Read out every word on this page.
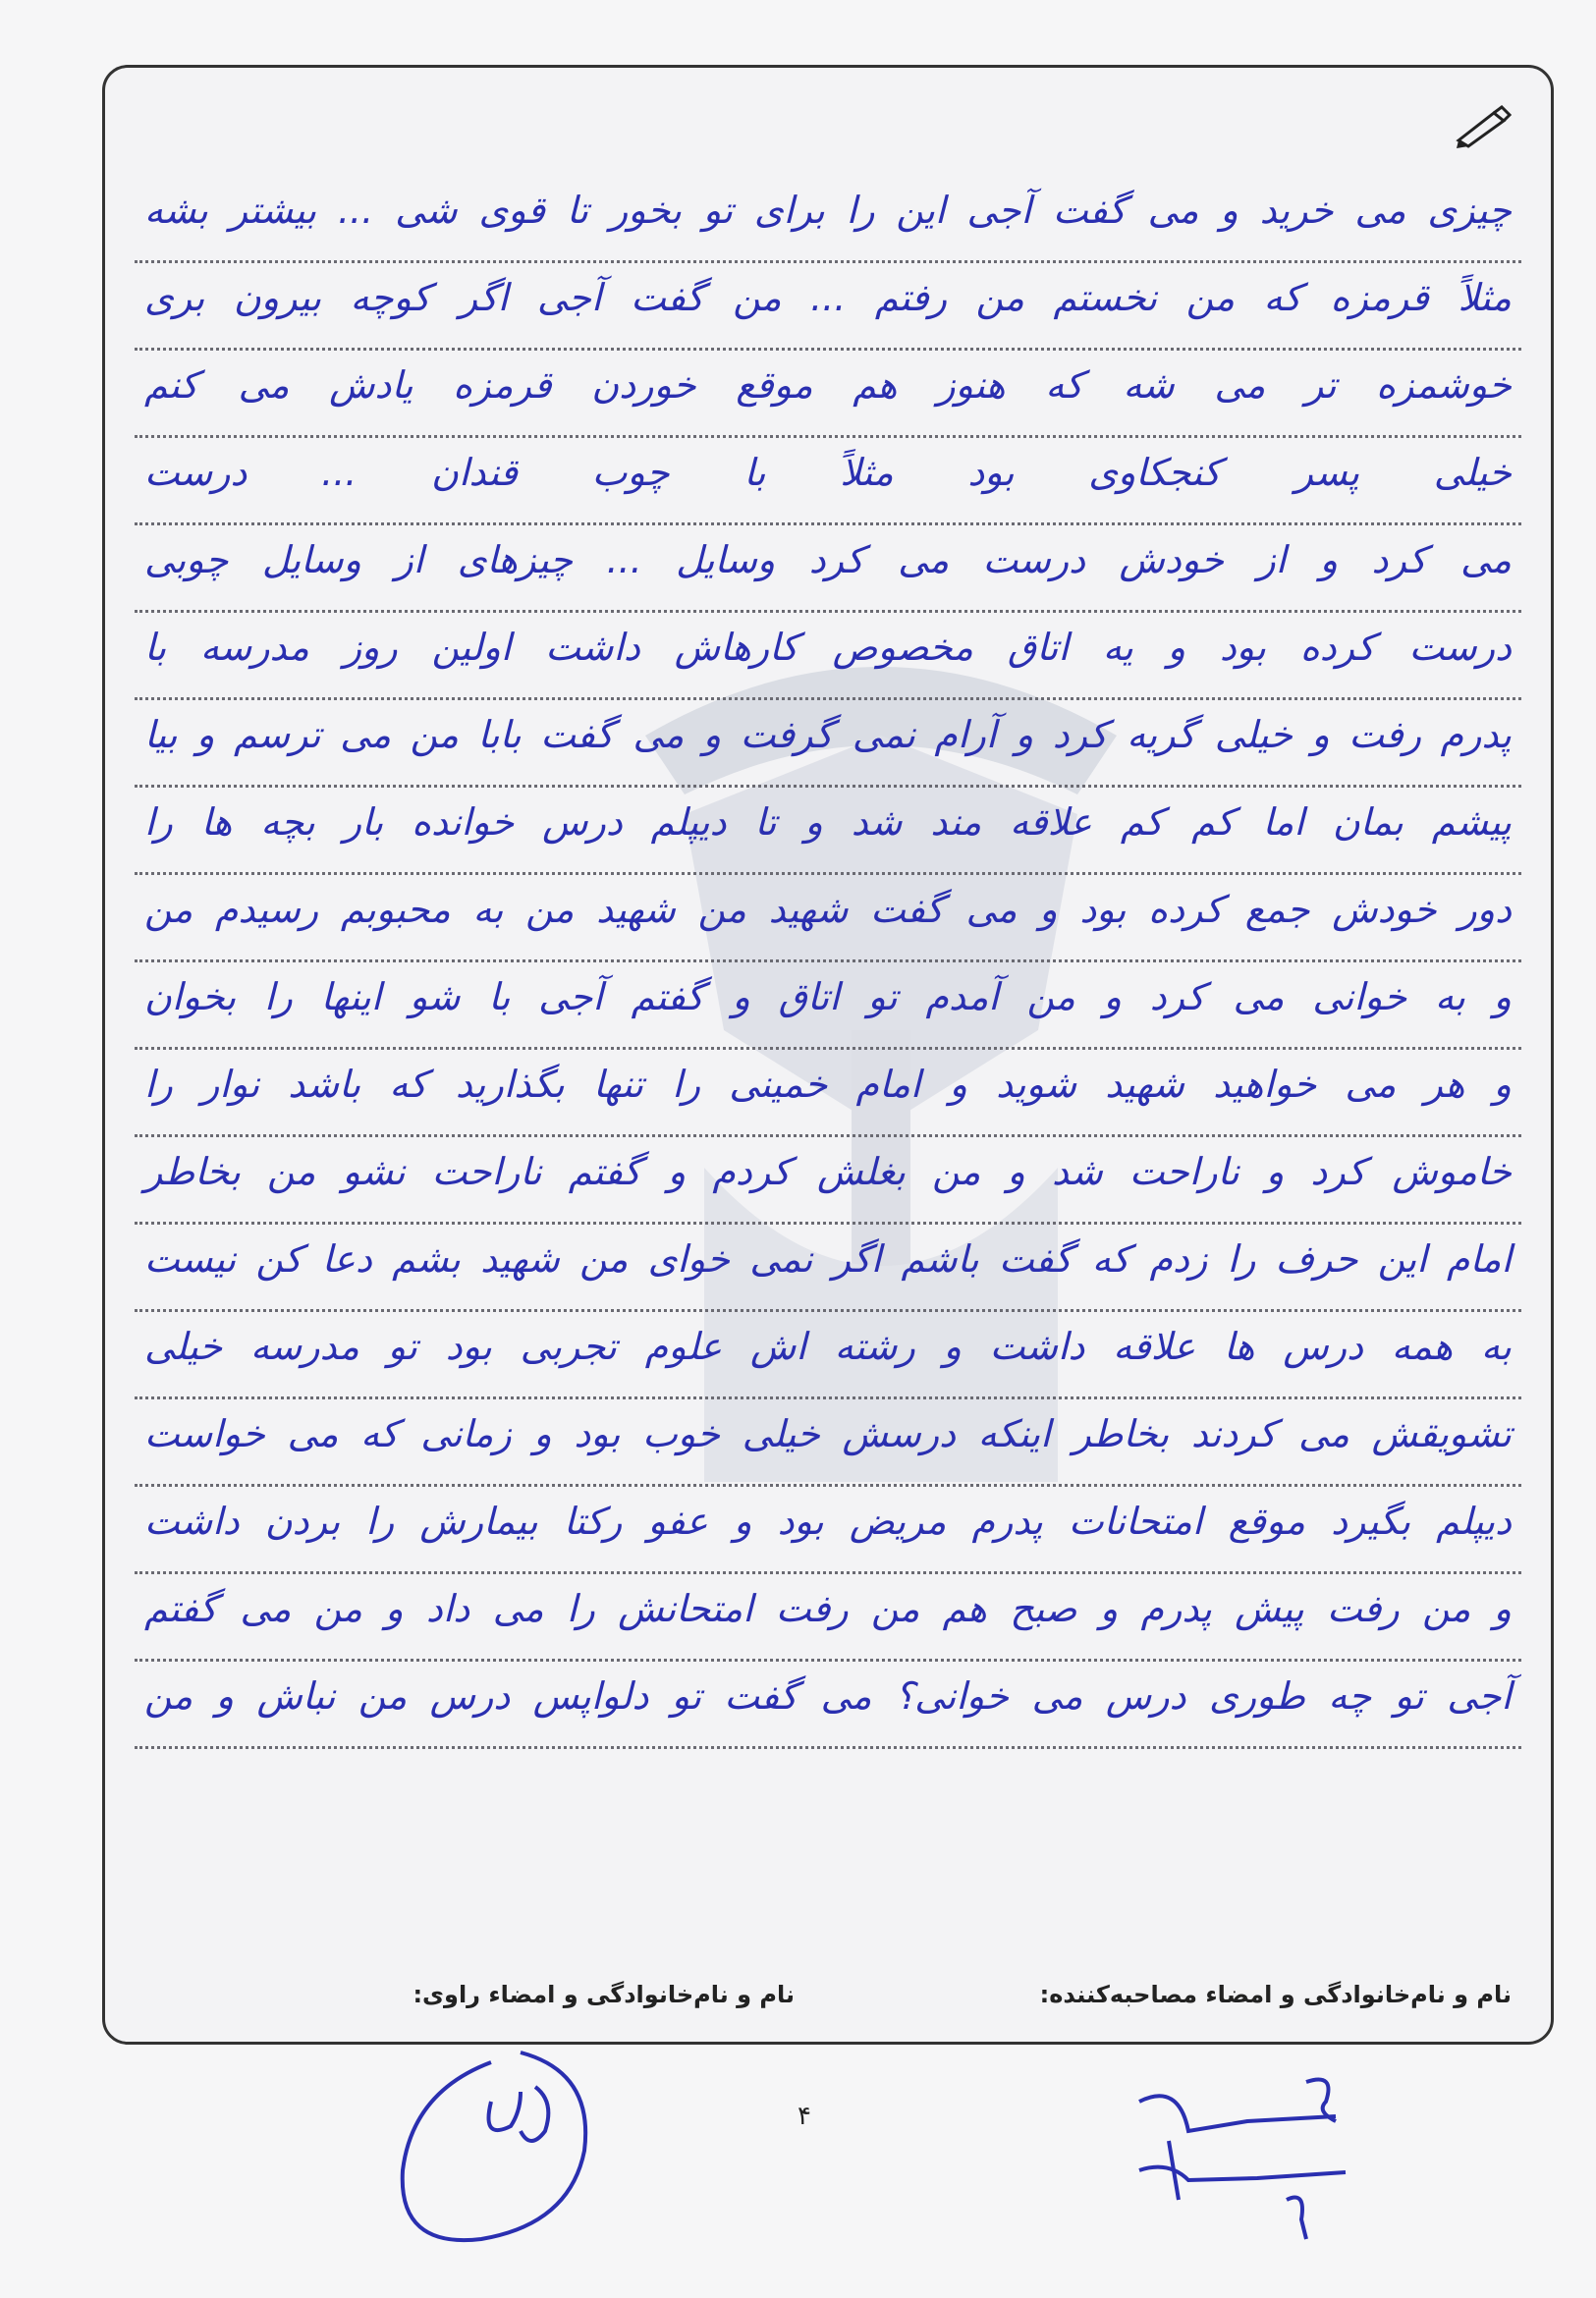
چیزی می خرید و می گفت آجی این را برای تو بخور تا قوی شی ... بیشتر بشه
مثلاً قرمزه که من نخستم من رفتم ... من گفت آجی اگر کوچه بیرون بری
خوشمزه تر می شه که هنوز هم موقع خوردن قرمزه یادش می کنم
خیلی پسر کنجکاوی بود مثلاً با چوب قندان ... درست
می کرد و از خودش درست می کرد وسایل ... چیزهای از وسایل چوبی
درست کرده بود و یه اتاق مخصوص کارهاش داشت اولین روز مدرسه با
پدرم رفت و خیلی گریه کرد و آرام نمی گرفت و می گفت بابا من می ترسم و بیا
پیشم بمان اما کم کم علاقه مند شد و تا دیپلم درس خوانده بار بچه ها را
دور خودش جمع کرده بود و می گفت شهید من شهید من به محبوبم رسیدم من
و به خوانی می کرد و من آمدم تو اتاق و گفتم آجی با شو اینها را بخوان
و هر می خواهید شهید شوید و امام خمینی را تنها بگذارید که باشد نوار را
خاموش کرد و ناراحت شد و من بغلش کردم و گفتم ناراحت نشو من بخاطر
امام این حرف را زدم که گفت باشم اگر نمی خوای من شهید بشم دعا کن نیست
به همه درس ها علاقه داشت و رشته اش علوم تجربی بود تو مدرسه خیلی
تشویقش می کردند بخاطر اینکه درسش خیلی خوب بود و زمانی که می خواست
دیپلم بگیرد موقع امتحانات پدرم مریض بود و عفو رکتا بیمارش را بردن داشت
و من رفت پیش پدرم و صبح هم من رفت امتحانش را می داد و من می گفتم
آجی تو چه طوری درس می خوانی؟ می گفت تو دلواپس درس من نباش و من
نام و نام‌خانوادگی و امضاء مصاحبه‌کننده:
نام و نام‌خانوادگی و امضاء راوی:
۴
